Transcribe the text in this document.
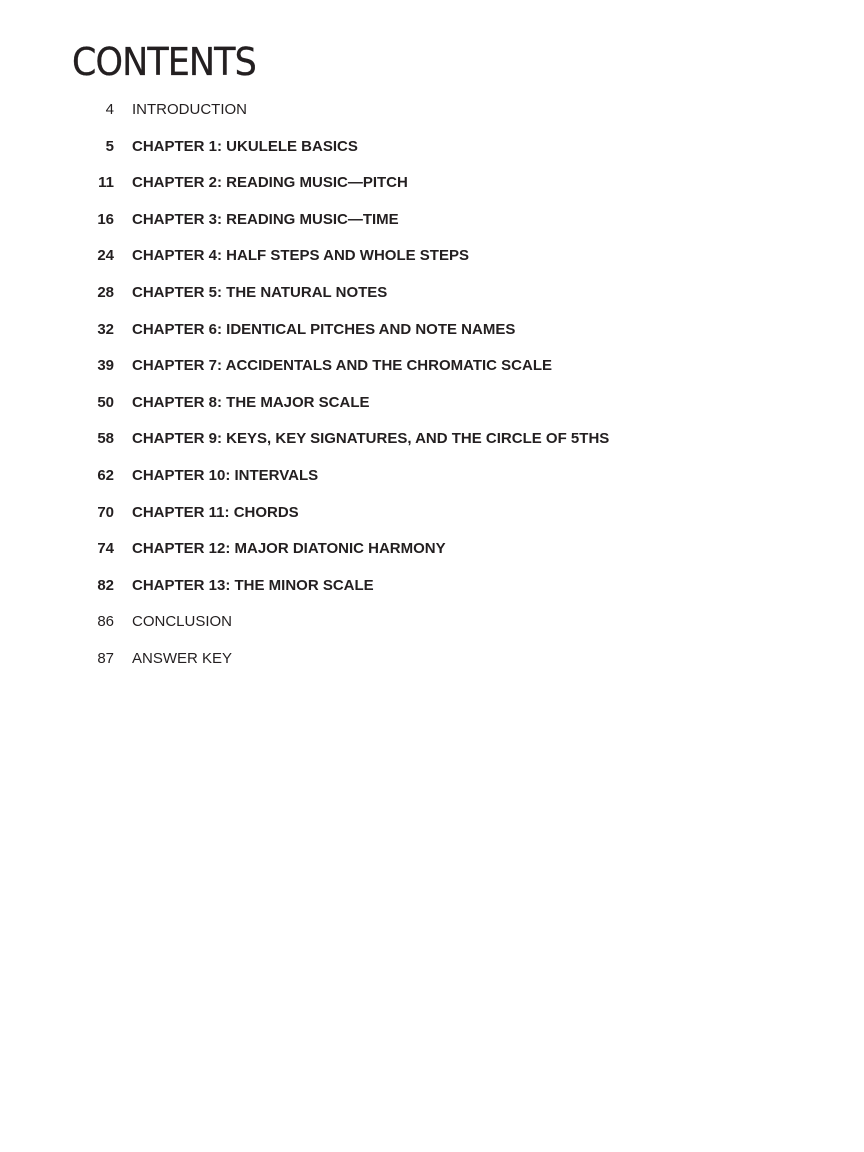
CONTENTS
4 INTRODUCTION
5 CHAPTER 1: UKULELE BASICS
11 CHAPTER 2: READING MUSIC—PITCH
16 CHAPTER 3: READING MUSIC—TIME
24 CHAPTER 4: HALF STEPS AND WHOLE STEPS
28 CHAPTER 5: THE NATURAL NOTES
32 CHAPTER 6: IDENTICAL PITCHES AND NOTE NAMES
39 CHAPTER 7: ACCIDENTALS AND THE CHROMATIC SCALE
50 CHAPTER 8: THE MAJOR SCALE
58 CHAPTER 9: KEYS, KEY SIGNATURES, AND THE CIRCLE OF 5THS
62 CHAPTER 10: INTERVALS
70 CHAPTER 11: CHORDS
74 CHAPTER 12: MAJOR DIATONIC HARMONY
82 CHAPTER 13: THE MINOR SCALE
86 CONCLUSION
87 ANSWER KEY
